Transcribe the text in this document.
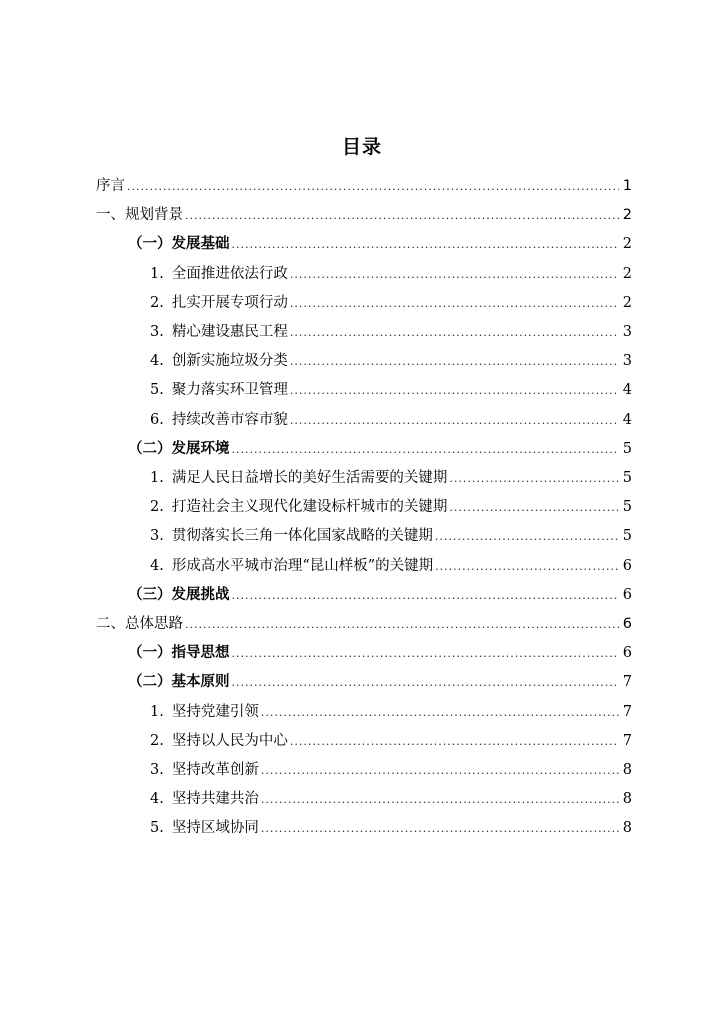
目录
序言 .....	1
一、规划背景 .....	2
（一）发展基础 .....	2
1. 全面推进依法行政 .....	2
2. 扎实开展专项行动 .....	2
3. 精心建设惠民工程 .....	3
4. 创新实施垃圾分类 .....	3
5. 聚力落实环卫管理 .....	4
6. 持续改善市容市貌 .....	4
（二）发展环境 .....	5
1. 满足人民日益增长的美好生活需要的关键期 .....	5
2. 打造社会主义现代化建设标杆城市的关键期 .....	5
3. 贯彻落实长三角一体化国家战略的关键期 .....	5
4. 形成高水平城市治理“昆山样板”的关键期 .....	6
（三）发展挑战 .....	6
二、总体思路 .....	6
（一）指导思想 .....	6
（二）基本原则 .....	7
1. 坚持党建引领 .....	7
2. 坚持以人民为中心 .....	7
3. 坚持改革创新 .....	8
4. 坚持共建共治 .....	8
5. 坚持区域协同 .....	8
